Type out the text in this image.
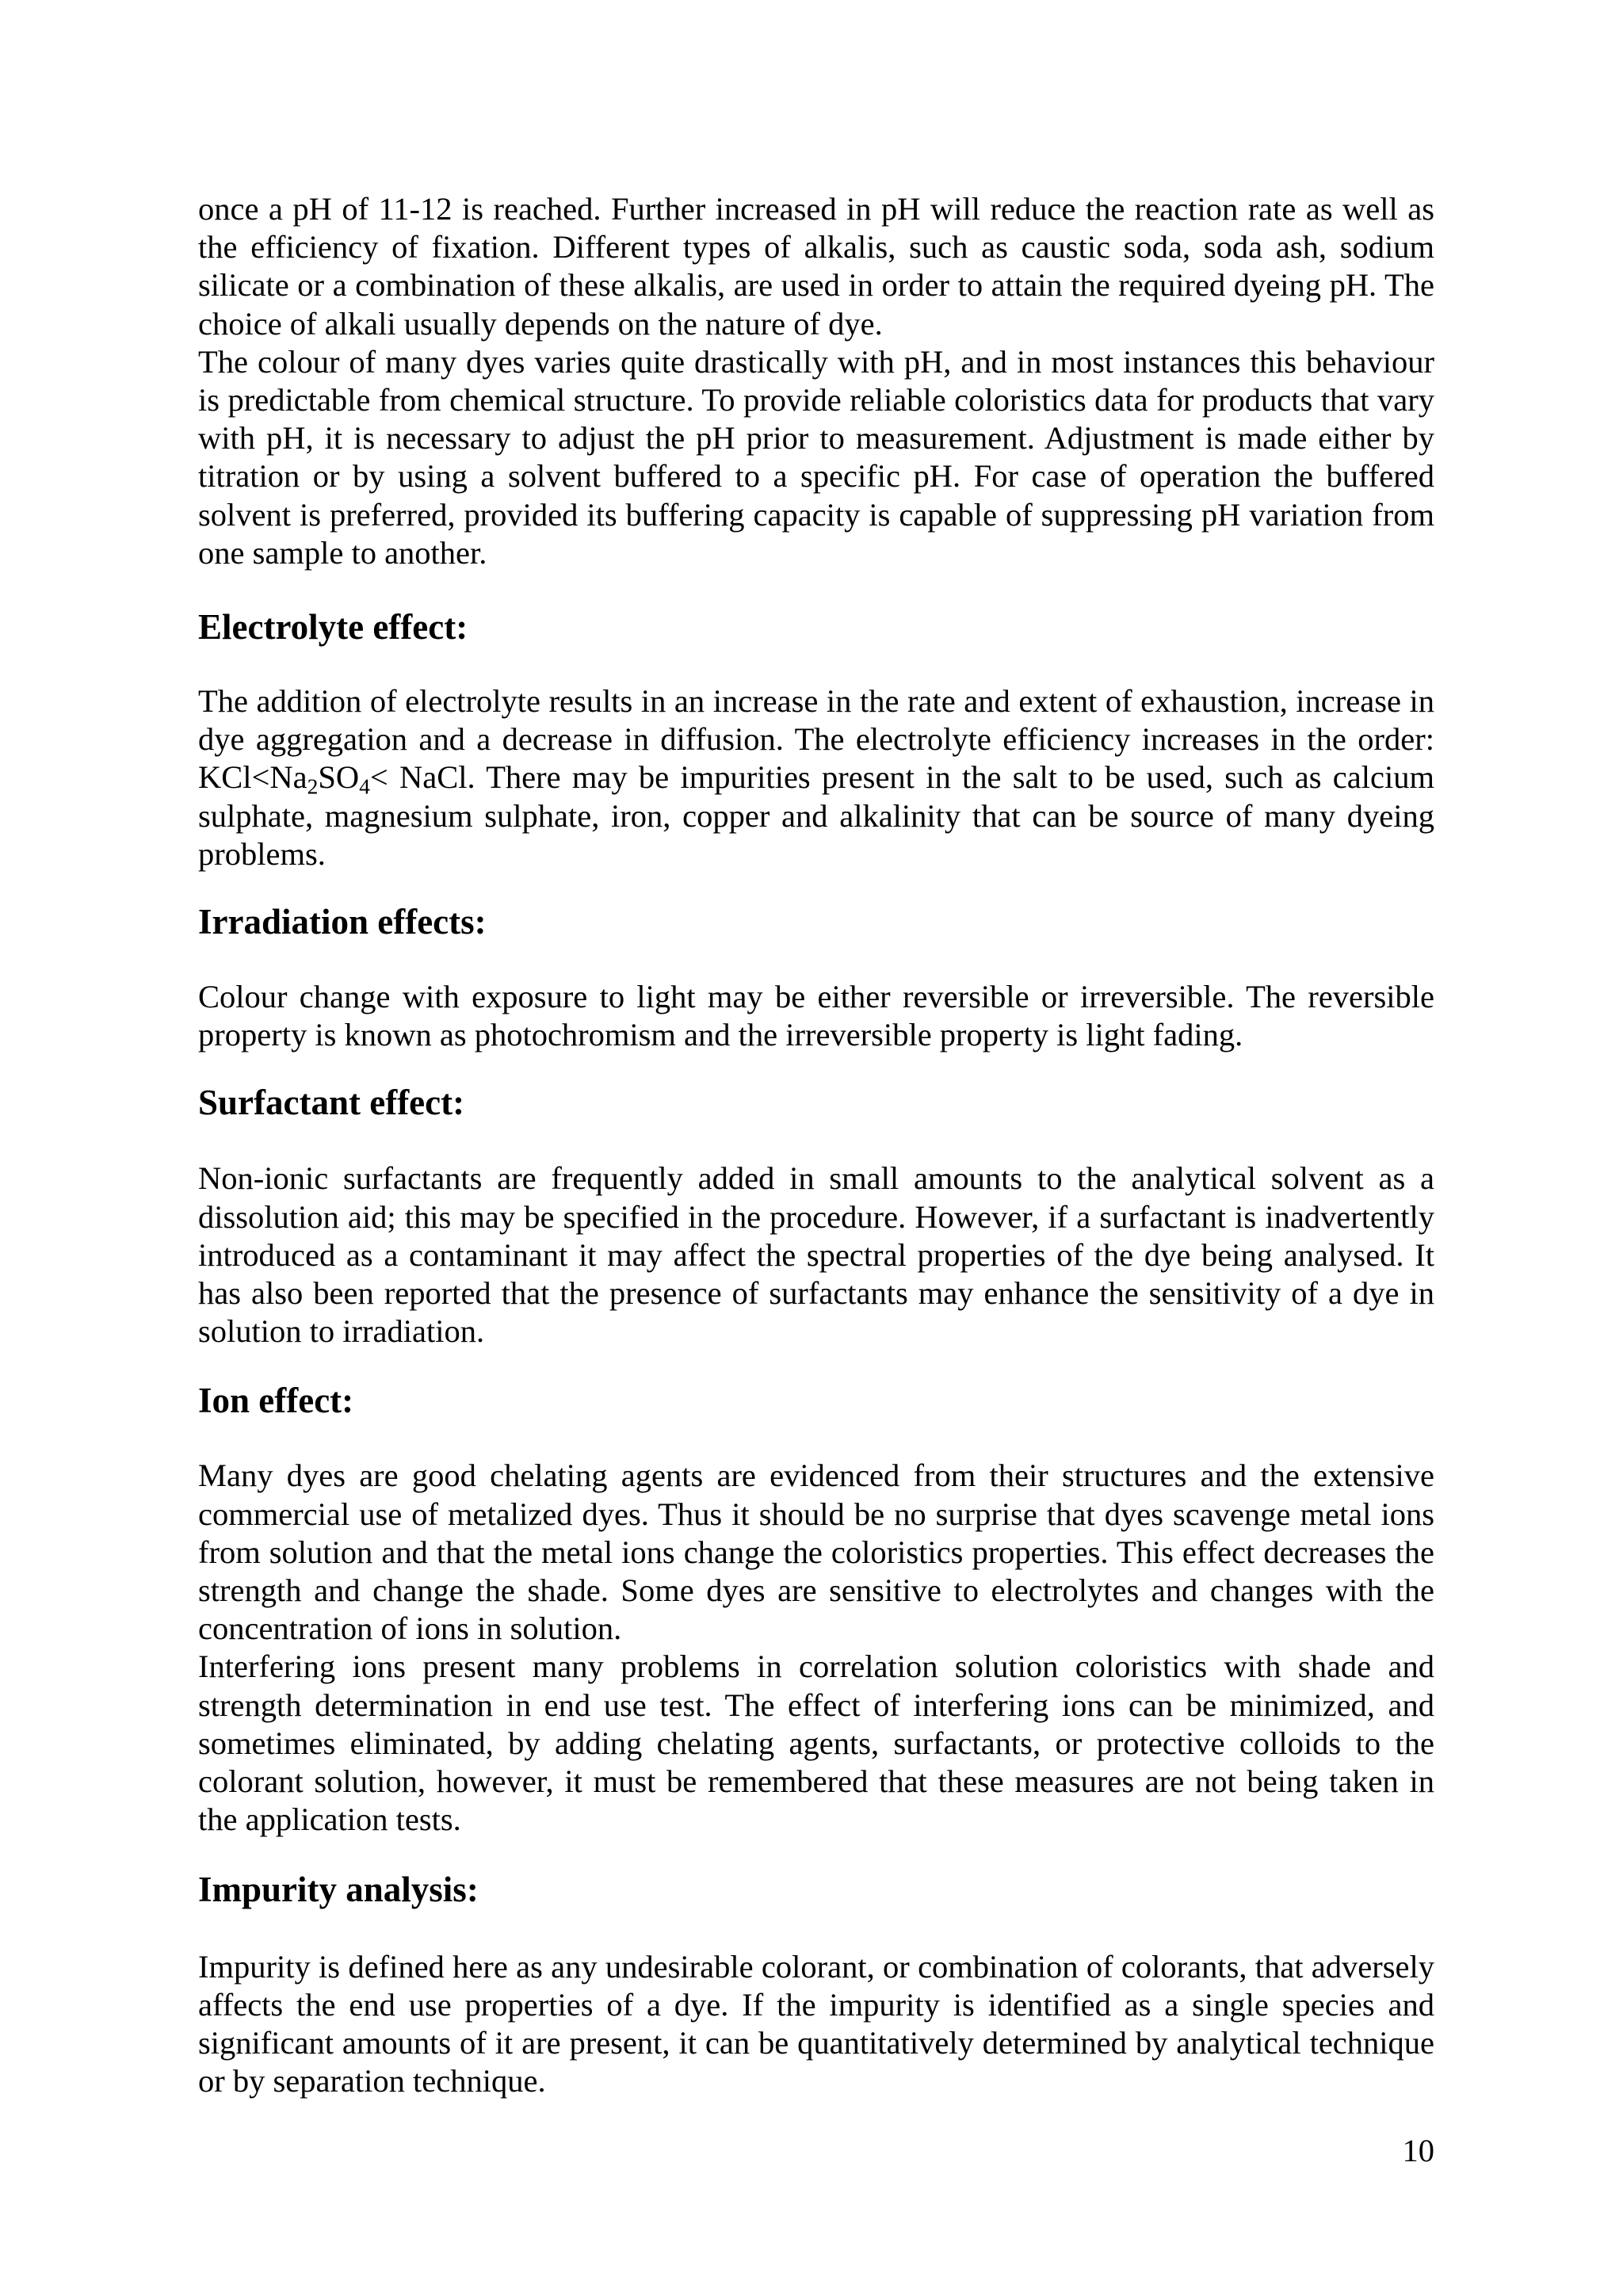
once a pH of 11-12 is reached. Further increased in pH will reduce the reaction rate as well as the efficiency of fixation. Different types of alkalis, such as caustic soda, soda ash, sodium silicate or a combination of these alkalis, are used in order to attain the required dyeing pH. The choice of alkali usually depends on the nature of dye.

The colour of many dyes varies quite drastically with pH, and in most instances this behaviour is predictable from chemical structure. To provide reliable coloristics data for products that vary with pH, it is necessary to adjust the pH prior to measurement. Adjustment is made either by titration or by using a solvent buffered to a specific pH. For case of operation the buffered solvent is preferred, provided its buffering capacity is capable of suppressing pH variation from one sample to another.

Electrolyte effect:

The addition of electrolyte results in an increase in the rate and extent of exhaustion, increase in dye aggregation and a decrease in diffusion. The electrolyte efficiency increases in the order: $KCl<Na_2SO_4<$ NaCl. There may be impurities present in the salt to be used, such as calcium sulphate, magnesium sulphate, iron, copper and alkalinity that can be source of many dyeing problems.

Irradiation effects:

Colour change with exposure to light may be either reversible or irreversible. The reversible property is known as photochromism and the irreversible property is light fading.

Surfactant effect:

Non-ionic surfactants are frequently added in small amounts to the analytical solvent as a dissolution aid; this may be specified in the procedure. However, if a surfactant is inadvertently introduced as a contaminant it may affect the spectral properties of the dye being analysed. It has also been reported that the presence of surfactants may enhance the sensitivity of a dye in solution to irradiation.

Ion effect:

Many dyes are good chelating agents are evidenced from their structures and the extensive commercial use of metalized dyes. Thus it should be no surprise that dyes scavenge metal ions from solution and that the metal ions change the coloristics properties. This effect decreases the strength and change the shade. Some dyes are sensitive to electrolytes and changes with the concentration of ions in solution.

Interfering ions present many problems in correlation solution coloristics with shade and strength determination in end use test. The effect of interfering ions can be minimized, and sometimes eliminated, by adding chelating agents, surfactants, or protective colloids to the colorant solution, however, it must be remembered that these measures are not being taken in the application tests.

Impurity analysis:

Impurity is defined here as any undesirable colorant, or combination of colorants, that adversely affects the end use properties of a dye. If the impurity is identified as a single species and significant amounts of it are present, it can be quantitatively determined by analytical technique or by separation technique.

10
